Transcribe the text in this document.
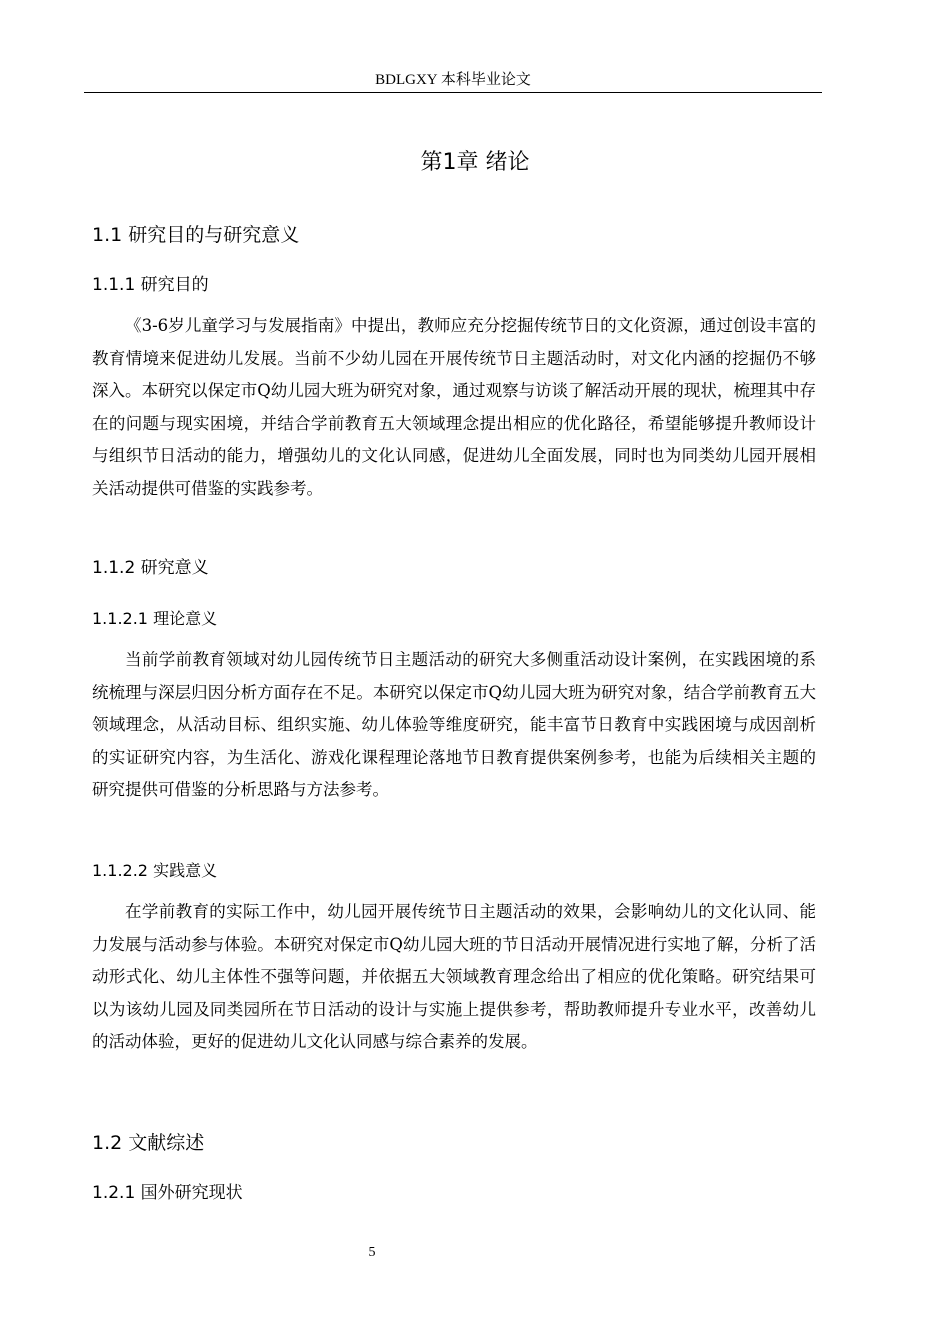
BDLGXY 本科毕业论文
第1章 绪论
1.1 研究目的与研究意义
1.1.1 研究目的
《3-6岁儿童学习与发展指南》中提出，教师应充分挖掘传统节日的文化资源，通过创设丰富的教育情境来促进幼儿发展。当前不少幼儿园在开展传统节日主题活动时，对文化内涵的挖掘仍不够深入。本研究以保定市Q幼儿园大班为研究对象，通过观察与访谈了解活动开展的现状，梳理其中存在的问题与现实困境，并结合学前教育五大领域理念提出相应的优化路径，希望能够提升教师设计与组织节日活动的能力，增强幼儿的文化认同感，促进幼儿全面发展，同时也为同类幼儿园开展相关活动提供可借鉴的实践参考。
1.1.2 研究意义
1.1.2.1 理论意义
当前学前教育领域对幼儿园传统节日主题活动的研究大多侧重活动设计案例，在实践困境的系统梳理与深层归因分析方面存在不足。本研究以保定市Q幼儿园大班为研究对象，结合学前教育五大领域理念，从活动目标、组织实施、幼儿体验等维度研究，能丰富节日教育中实践困境与成因剖析的实证研究内容，为生活化、游戏化课程理论落地节日教育提供案例参考，也能为后续相关主题的研究提供可借鉴的分析思路与方法参考。
1.1.2.2 实践意义
在学前教育的实际工作中，幼儿园开展传统节日主题活动的效果，会影响幼儿的文化认同、能力发展与活动参与体验。本研究对保定市Q幼儿园大班的节日活动开展情况进行实地了解，分析了活动形式化、幼儿主体性不强等问题，并依据五大领域教育理念给出了相应的优化策略。研究结果可以为该幼儿园及同类园所在节日活动的设计与实施上提供参考，帮助教师提升专业水平，改善幼儿的活动体验，更好的促进幼儿文化认同感与综合素养的发展。
1.2 文献综述
1.2.1 国外研究现状
5
